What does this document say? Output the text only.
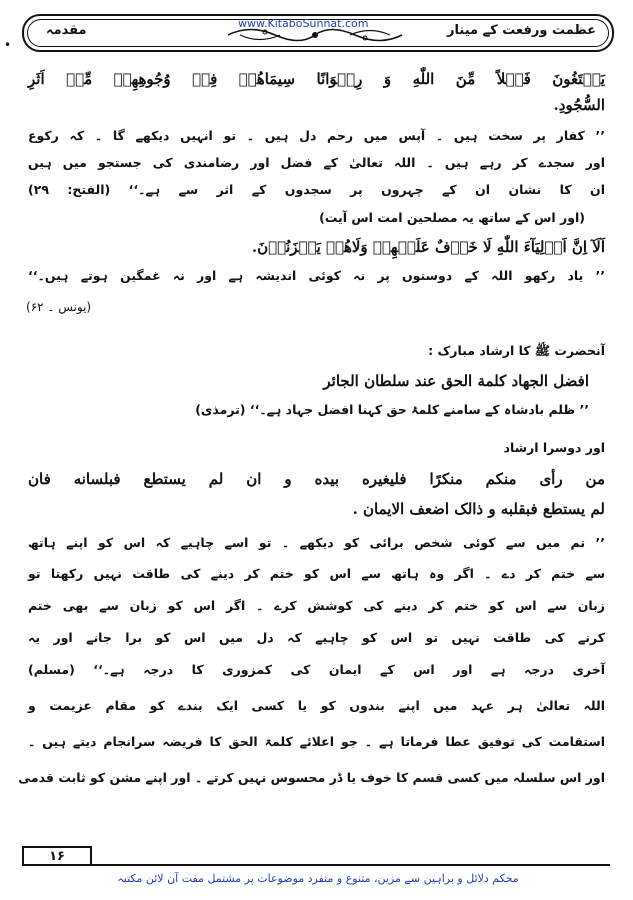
مقدمہ	www.KitaboSunnat.com	عظمت ورفعت کے مینار
•
يَبۡتَغُونَ فَضۡلاً مِّنَ اللّٰهِ وَ رِضۡوَانًا سِيمَاهُمۡ فِيۡ وُجُوهِهِمۡ مِّنۡ اَثَرِ
السُّجُودِ.
’’ کفار پر سخت ہیں ۔ آپس میں رحم دل ہیں ۔ تو انہیں دیکھے گا ۔ کہ رکوع
اور سجدے کر رہے ہیں ۔ اللہ تعالیٰ کے فضل اور رضامندی کی جستجو میں ہیں
ان کا نشان ان کے چہروں پر سجدوں کے اثر سے ہے۔‘‘ (الفتح: ۲۹)
(اور اس کے ساتھ یہ مصلحین امت اس آیت)
اَلَآ اِنَّ اَوۡلِيَآءَ اللّٰهِ لَا خَوۡفٌ عَلَيۡهِمۡ وَلَاهُمۡ يَحۡزَنُوۡنَ.
’’ یاد رکھو اللہ کے دوستوں پر نہ کوئی اندیشہ ہے اور نہ غمگین ہوتے ہیں۔‘‘
(یونس ۔ ۶۲)
آنحضرت ﷺ کا ارشاد مبارک :
افضل الجهاد كلمة الحق عند سلطان الجائر
’’ ظلم بادشاہ کے سامنے کلمۂ حق کہنا افضل جہاد ہے۔‘‘ (ترمذی)
اور دوسرا ارشاد
من رأى منكم منكرًا فليغيره بيده و ان لم يستطع فبلسانه فان
لم يستطع فبقلبه و ذالک اضعف الايمان .
’’ تم میں سے کوئی شخص برائی کو دیکھے ۔ تو اسے چاہیے کہ اس کو اپنے ہاتھ
سے ختم کر دے ۔ اگر وہ ہاتھ سے اس کو ختم کر دینے کی طاقت نہیں رکھتا تو
زبان سے اس کو ختم کر دینے کی کوشش کرے ۔ اگر اس کو زبان سے بھی ختم
کرنے کی طاقت نہیں تو اس کو چاہیے کہ دل میں اس کو برا جانے اور یہ
آخری درجہ ہے اور اس کے ایمان کی کمزوری کا درجہ ہے۔‘‘ (مسلم)
اللہ تعالیٰ ہر عہد میں اپنے بندوں کو یا کسی ایک بندے کو مقام عزیمت و
استقامت کی توفیق عطا فرماتا ہے ۔ جو اعلائے کلمۃ الحق کا فریضہ سرانجام دیتے ہیں ۔
اور اس سلسلہ میں کسی قسم کا خوف یا ڈر محسوس نہیں کرتے ۔ اور اپنے مشن کو ثابت قدمی
۱۶
محکم دلائل و براہین سے مزین، متنوع و منفرد موضوعات پر مشتمل مفت آن لائن مکتبہ
